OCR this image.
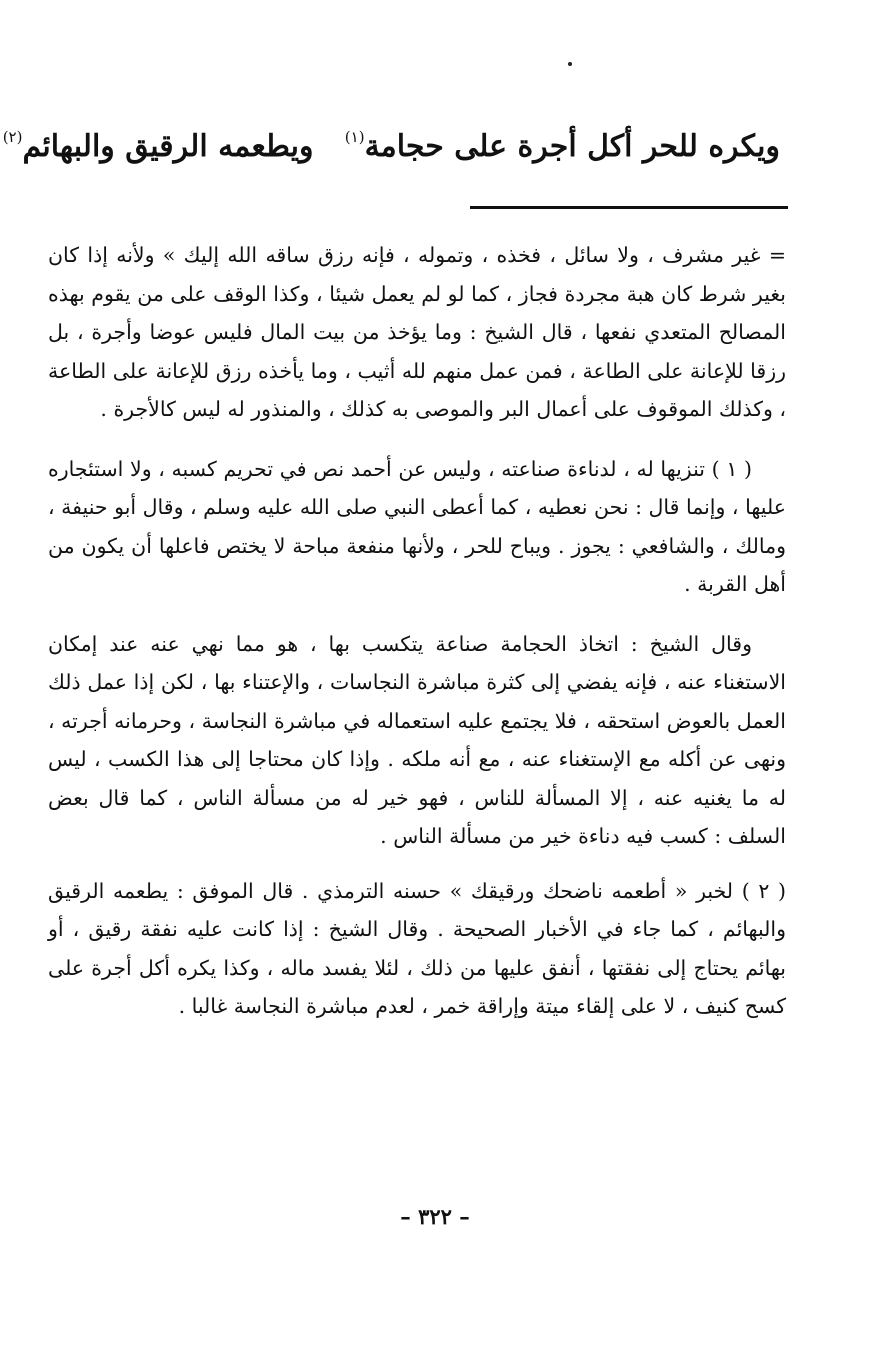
ويكره للحر أكل أجرة على حجامة$^{(١)}$   ويطعمه الرقيق والبهائم$^{(٢)}$

= غير مشرف ، ولا سائل ، فخذه ، وتموله ، فإنه رزق ساقه الله إليك » ولأنه إذا كان بغير شرط كان هبة مجردة فجاز ، كما لو لم يعمل شيئا ، وكذا الوقف على من يقوم بهذه المصالح المتعدي نفعها ، قال الشيخ : وما يؤخذ من بيت المال فليس عوضا وأجرة ، بل رزقا للإعانة على الطاعة ، فمن عمل منهم لله أثيب ، وما يأخذه رزق للإعانة على الطاعة ، وكذلك الموقوف على أعمال البر والموصى به كذلك ، والمنذور له ليس كالأجرة .

( ١ ) تنزيها له ، لدناءة صناعته ، وليس عن أحمد نص في تحريم كسبه ، ولا استئجاره عليها ، وإنما قال : نحن نعطيه ، كما أعطى النبي صلى الله عليه وسلم ، وقال أبو حنيفة ، ومالك ، والشافعي : يجوز . ويباح للحر ، ولأنها منفعة مباحة لا يختص فاعلها أن يكون من أهل القربة .

وقال الشيخ : اتخاذ الحجامة صناعة يتكسب بها ، هو مما نهي عنه عند إمكان الاستغناء عنه ، فإنه يفضي إلى كثرة مباشرة النجاسات ، والإعتناء بها ، لكن إذا عمل ذلك العمل بالعوض استحقه ، فلا يجتمع عليه استعماله في مباشرة النجاسة ، وحرمانه أجرته ، ونهى عن أكله مع الإستغناء عنه ، مع أنه ملكه . وإذا كان محتاجا إلى هذا الكسب ، ليس له ما يغنيه عنه ، إلا المسألة للناس ، فهو خير له من مسألة الناس ، كما قال بعض السلف : كسب فيه دناءة خير من مسألة الناس .

( ٢ ) لخبر « أطعمه ناضحك ورقيقك » حسنه الترمذي . قال الموفق : يطعمه الرقيق والبهائم ، كما جاء في الأخبار الصحيحة . وقال الشيخ : إذا كانت عليه نفقة رقيق ، أو بهائم يحتاج إلى نفقتها ، أنفق عليها من ذلك ، لئلا يفسد ماله ، وكذا يكره أكل أجرة على كسح كنيف ، لا على إلقاء ميتة وإراقة خمر ، لعدم مباشرة النجاسة غالبا .

– ٣٢٢ –
